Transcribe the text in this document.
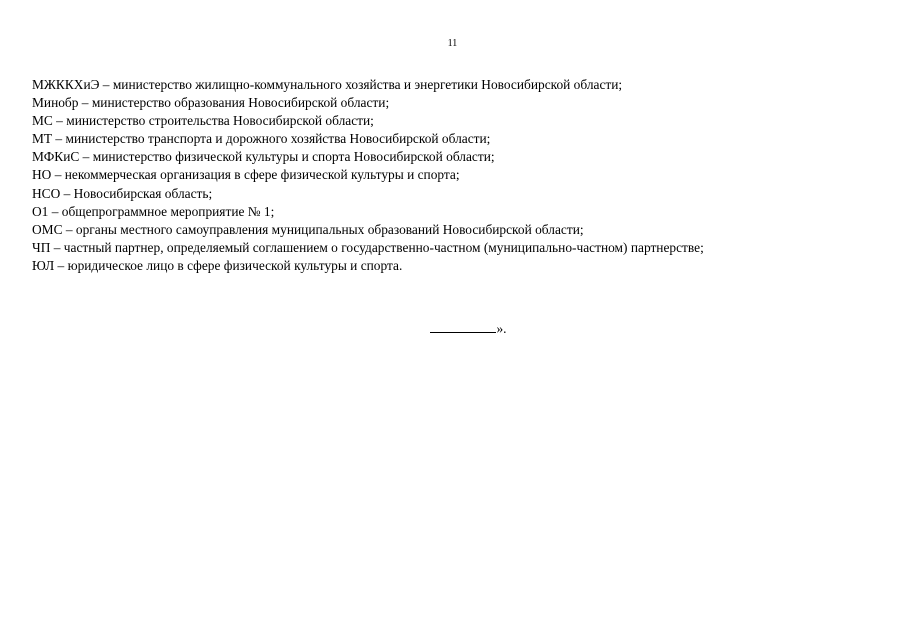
11
МЖККХиЭ – министерство жилищно-коммунального хозяйства и энергетики Новосибирской области;
Минобр – министерство образования Новосибирской области;
МС – министерство строительства Новосибирской области;
МТ – министерство транспорта и дорожного хозяйства Новосибирской области;
МФКиС – министерство физической культуры и спорта Новосибирской области;
НО – некоммерческая организация в сфере физической культуры и спорта;
НСО – Новосибирская область;
О1 – общепрограммное мероприятие № 1;
ОМС – органы местного самоуправления муниципальных образований Новосибирской области;
ЧП – частный партнер, определяемый соглашением о государственно-частном (муниципально-частном) партнерстве;
ЮЛ – юридическое лицо в сфере физической культуры и спорта.
».
